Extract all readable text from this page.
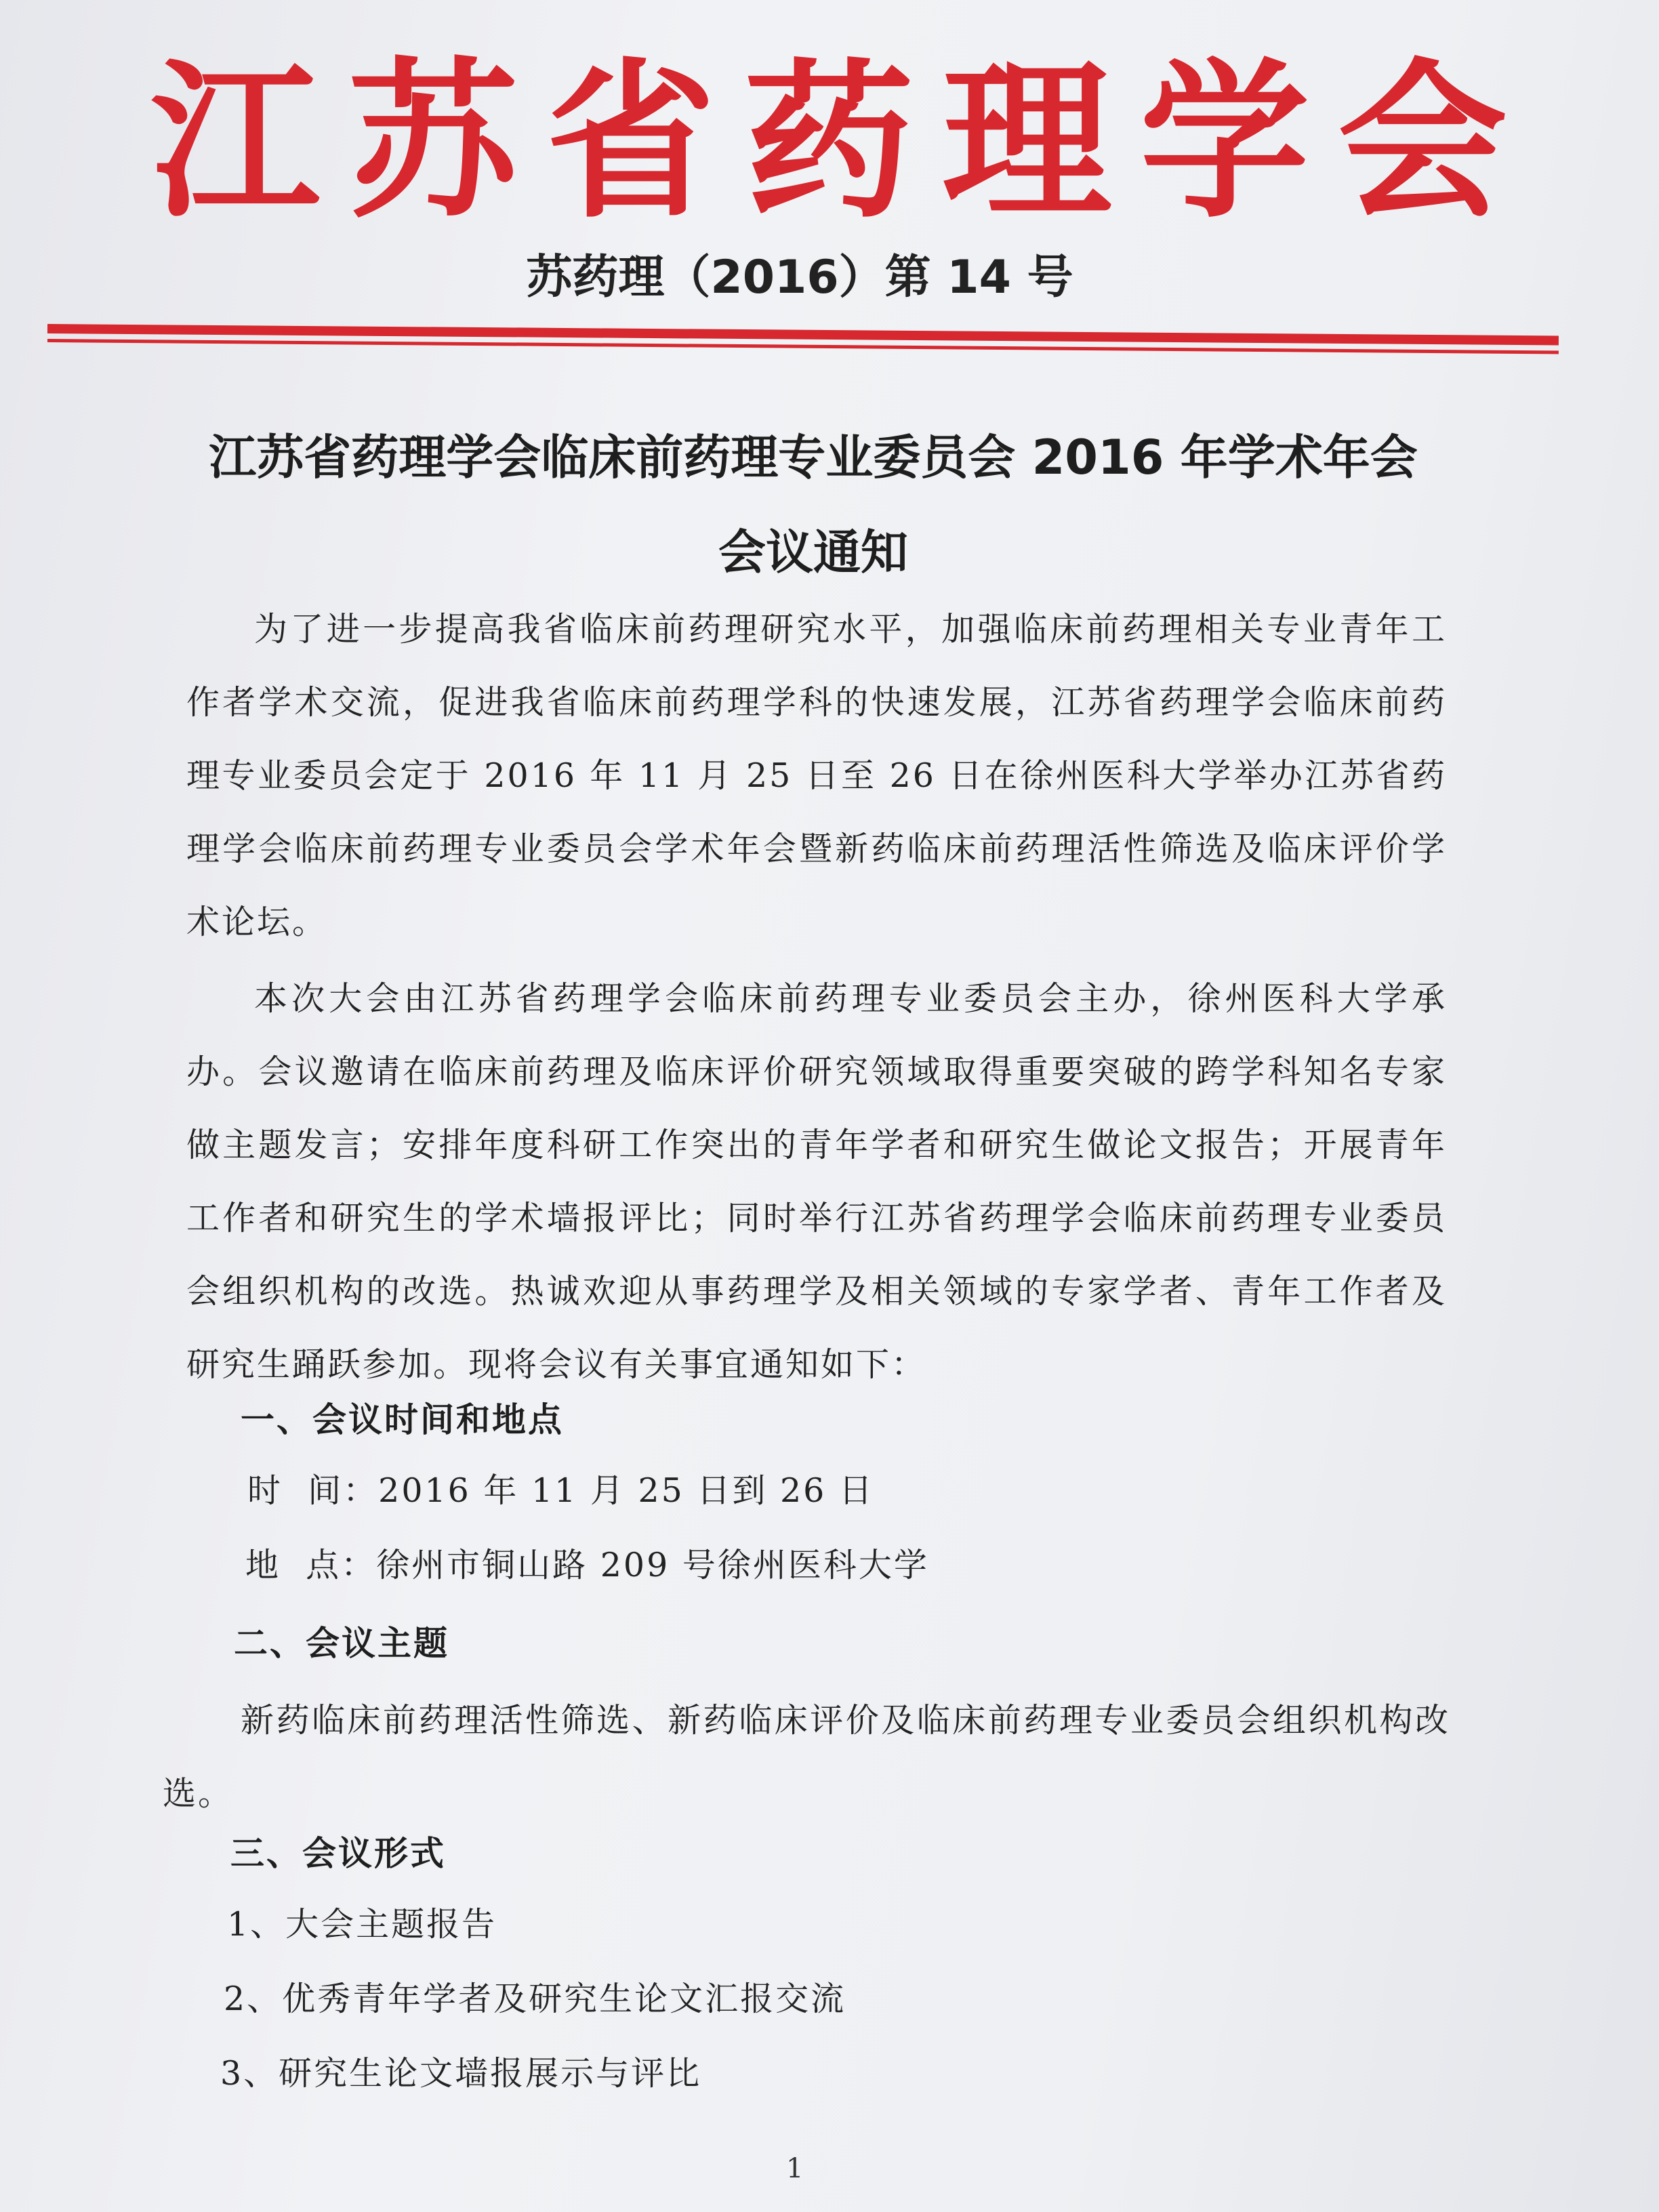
江苏省药理学会
苏药理（2016）第 14 号
江苏省药理学会临床前药理专业委员会 2016 年学术年会
会议通知

为了进一步提高我省临床前药理研究水平，加强临床前药理相关专业青年工作者学术交流，促进我省临床前药理学科的快速发展，江苏省药理学会临床前药理专业委员会定于 2016 年 11 月 25 日至 26 日在徐州医科大学举办江苏省药理学会临床前药理专业委员会学术年会暨新药临床前药理活性筛选及临床评价学术论坛。

本次大会由江苏省药理学会临床前药理专业委员会主办，徐州医科大学承办。会议邀请在临床前药理及临床评价研究领域取得重要突破的跨学科知名专家做主题发言；安排年度科研工作突出的青年学者和研究生做论文报告；开展青年工作者和研究生的学术墙报评比；同时举行江苏省药理学会临床前药理专业委员会组织机构的改选。热诚欢迎从事药理学及相关领域的专家学者、青年工作者及研究生踊跃参加。现将会议有关事宜通知如下：

一、会议时间和地点
时  间：2016 年 11 月 25 日到 26 日
地  点：徐州市铜山路 209 号徐州医科大学
二、会议主题

新药临床前药理活性筛选、新药临床评价及临床前药理专业委员会组织机构改选。

三、会议形式
1、大会主题报告
2、优秀青年学者及研究生论文汇报交流
3、研究生论文墙报展示与评比
1
